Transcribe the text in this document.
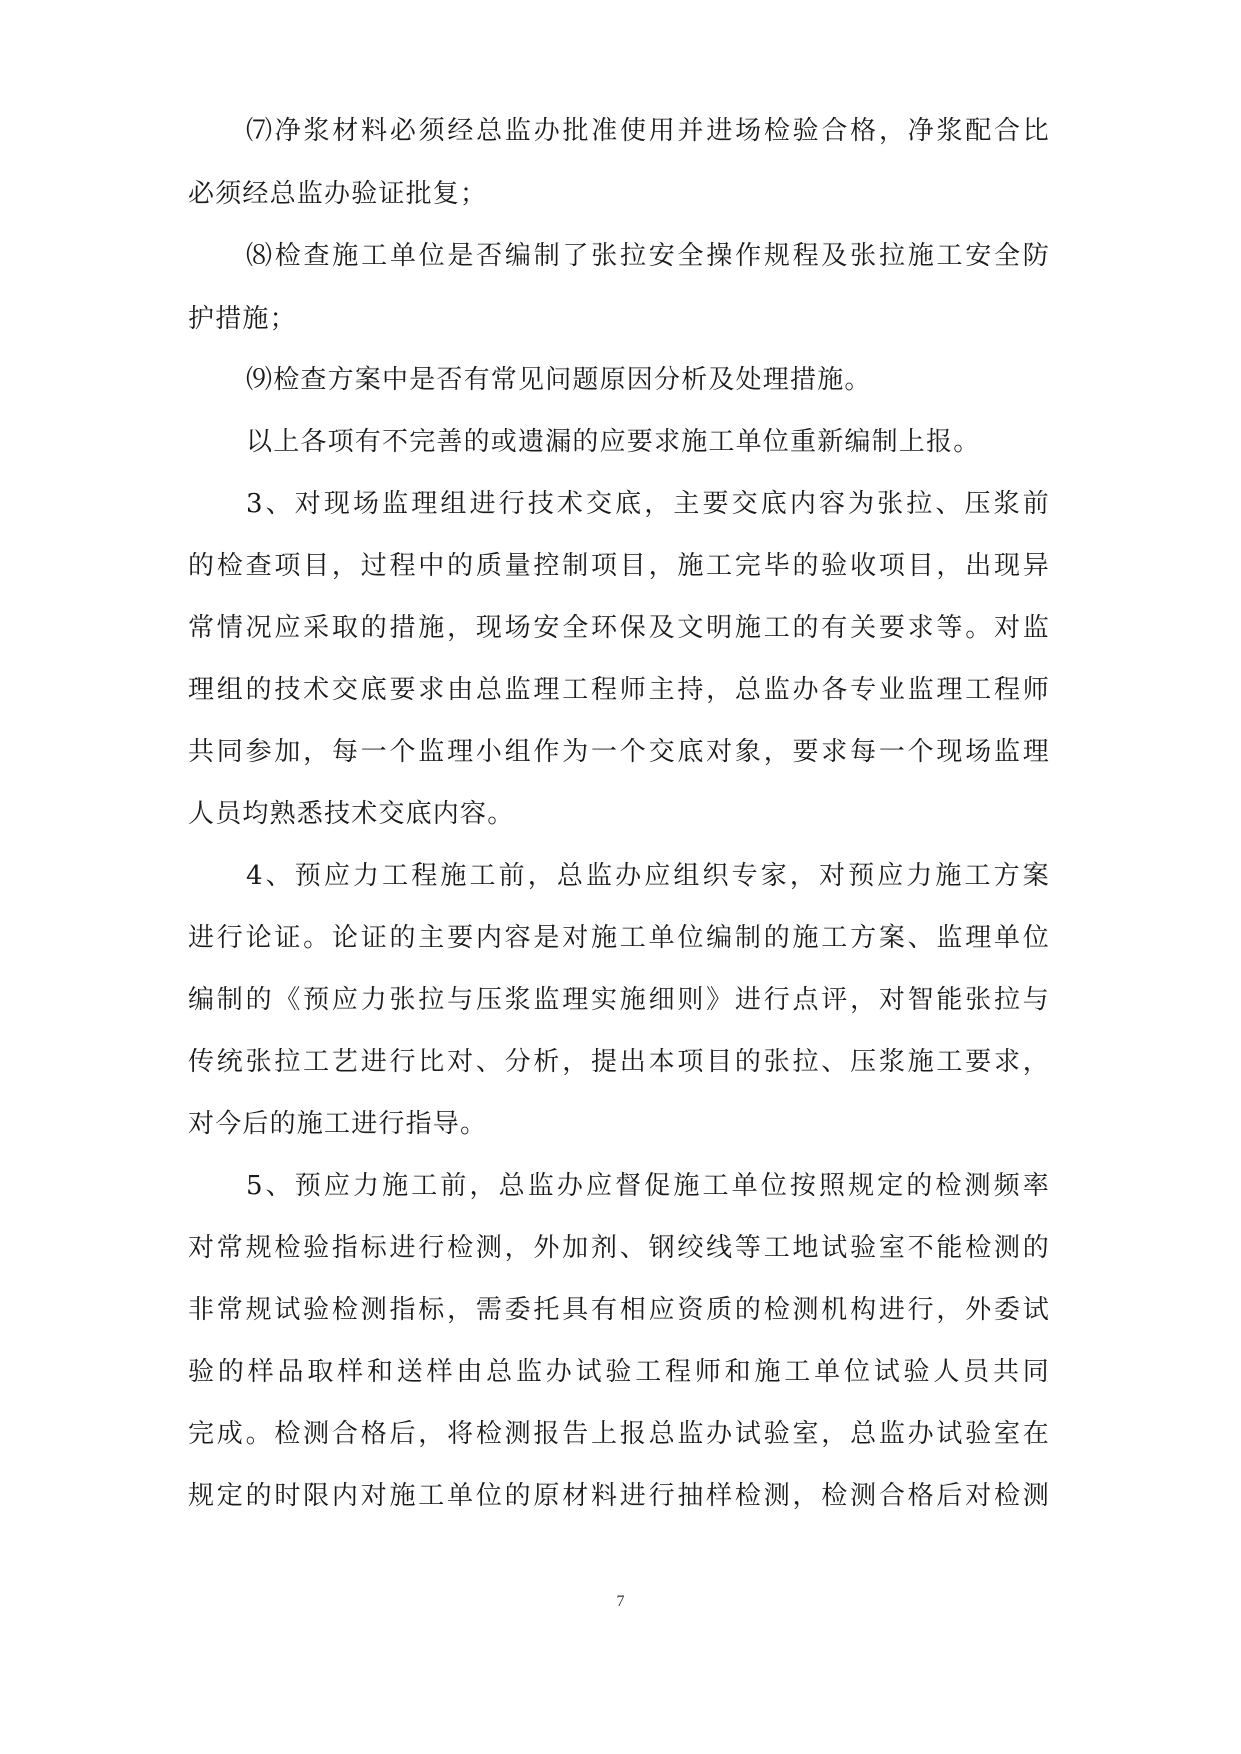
⑺净浆材料必须经总监办批准使用并进场检验合格，净浆配合比
必须经总监办验证批复；
⑻检查施工单位是否编制了张拉安全操作规程及张拉施工安全防
护措施；
⑼检查方案中是否有常见问题原因分析及处理措施。
以上各项有不完善的或遗漏的应要求施工单位重新编制上报。
3、对现场监理组进行技术交底，主要交底内容为张拉、压浆前
的检查项目，过程中的质量控制项目，施工完毕的验收项目，出现异
常情况应采取的措施，现场安全环保及文明施工的有关要求等。对监
理组的技术交底要求由总监理工程师主持，总监办各专业监理工程师
共同参加，每一个监理小组作为一个交底对象，要求每一个现场监理
人员均熟悉技术交底内容。
4、预应力工程施工前，总监办应组织专家，对预应力施工方案
进行论证。论证的主要内容是对施工单位编制的施工方案、监理单位
编制的《预应力张拉与压浆监理实施细则》进行点评，对智能张拉与
传统张拉工艺进行比对、分析，提出本项目的张拉、压浆施工要求，
对今后的施工进行指导。
5、预应力施工前，总监办应督促施工单位按照规定的检测频率
对常规检验指标进行检测，外加剂、钢绞线等工地试验室不能检测的
非常规试验检测指标，需委托具有相应资质的检测机构进行，外委试
验的样品取样和送样由总监办试验工程师和施工单位试验人员共同
完成。检测合格后，将检测报告上报总监办试验室，总监办试验室在
规定的时限内对施工单位的原材料进行抽样检测，检测合格后对检测
7
